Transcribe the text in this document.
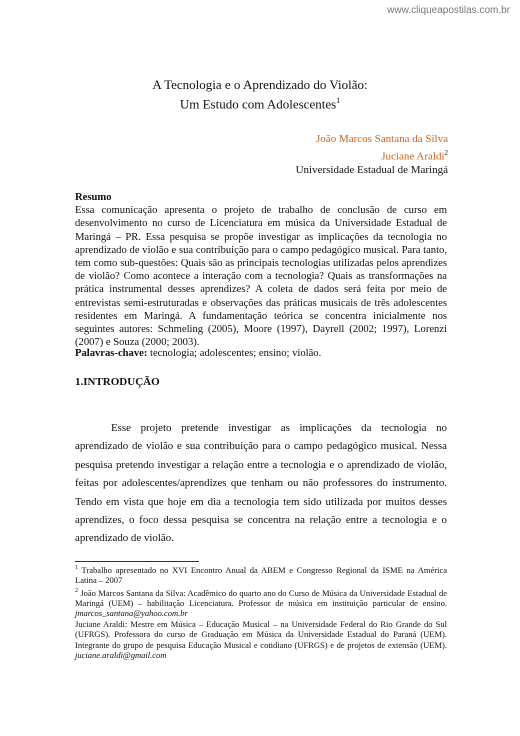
www.cliqueapostilas.com.br
A Tecnologia e o Aprendizado do Violão:
Um Estudo com Adolescentes$^1$
João Marcos Santana da Silva
Juciane Araldi$^2$
Universidade Estadual de Maringá
Resumo
Essa comunicação apresenta o projeto de trabalho de conclusão de curso em desenvolvimento no curso de Licenciatura em música da Universidade Estadual de Maringá – PR. Essa pesquisa se propõe investigar as implicações da tecnologia no aprendizado de violão e sua contribuição para o campo pedagógico musical. Para tanto, tem como sub-questões: Quais são as principais tecnologias utilizadas pelos aprendizes de violão? Como acontece a interação com a tecnologia? Quais as transformações na prática instrumental desses aprendizes? A coleta de dados será feita por meio de entrevistas semi-estruturadas e observações das práticas musicais de três adolescentes residentes em Maringá. A fundamentação teórica se concentra inicialmente nos seguintes autores: Schmeling (2005), Moore (1997), Dayrell (2002; 1997), Lorenzi (2007) e Souza (2000; 2003).
Palavras-chave: tecnologia; adolescentes; ensino; violão.
1.INTRODUÇÃO

Esse projeto pretende investigar as implicações da tecnologia no aprendizado de violão e sua contribuição para o campo pedagógico musical. Nessa pesquisa pretendo investigar a relação entre a tecnologia e o aprendizado de violão, feitas por adolescentes/aprendizes que tenham ou não professores do instrumento. Tendo em vista que hoje em dia a tecnologia tem sido utilizada por muitos desses aprendizes, o foco dessa pesquisa se concentra na relação entre a tecnologia e o aprendizado de violão.

$^1$ Trabalho apresentado no XVI Encontro Anual da ABEM e Congresso Regional da ISME na América Latina – 2007

$^2$ João Marcos Santana da Silva: Acadêmico do quarto ano do Curso de Música da Universidade Estadual de Maringá (UEM) – habilitação Licenciatura. Professor de música em instituição particular de ensino. jmarcos_santana@yahoo.com.br

Juciane Araldi: Mestre em Música – Educação Musical – na Universidade Federal do Rio Grande do Sul (UFRGS). Professora do curso de Graduação em Música da Universidade Estadual do Paraná (UEM). Integrante do grupo de pesquisa Educação Musical e cotidiano (UFRGS) e de projetos de extensão (UEM). juciane.araldi@gmail.com
